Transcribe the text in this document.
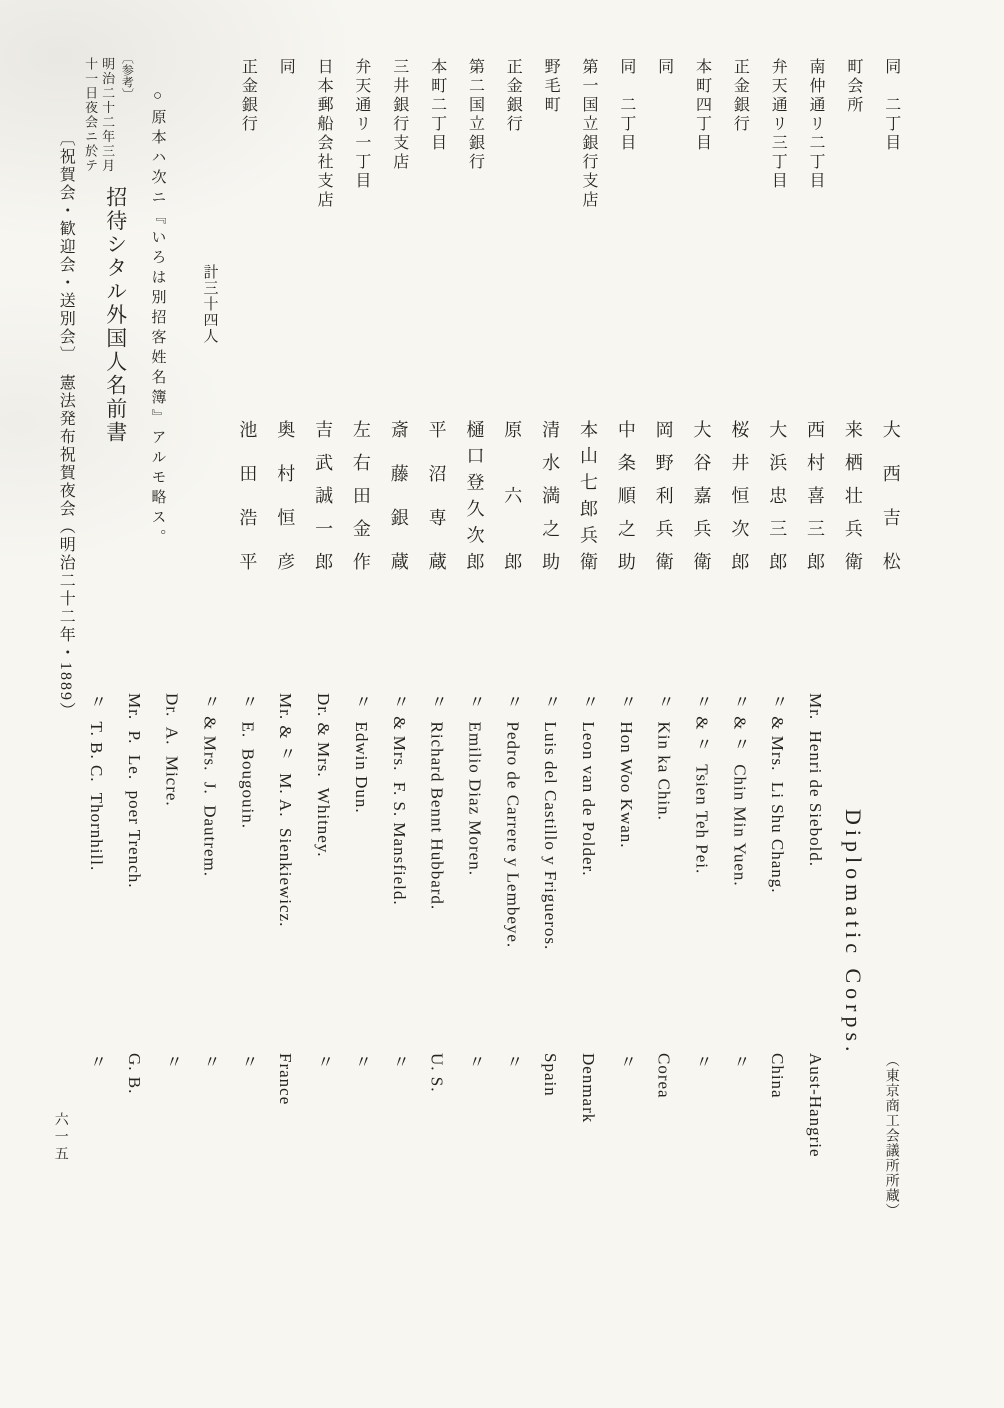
同　二丁目
大西吉松
（東京商工会議所所蔵）
町会所
来栖壮兵衛
Diplomatic Corps.
南仲通リ二丁目
西村喜三郎
Mr.  Henri de Siebold.
Aust-Hangrie
弁天通リ三丁目
大浜忠三郎
〃 & Mrs.  Li Shu Chang.
China
正金銀行
桜井恒次郎
〃 & 〃  Chin Min Yuen.
〃
本町四丁目
大谷嘉兵衛
〃 & 〃  Tsien Teh Pei.
〃
同
岡野利兵衛
〃  Kin ka Chin.
Corea
同　二丁目
中条順之助
〃  Hon Woo Kwan.
〃
第一国立銀行支店
本山七郎兵衛
〃  Leon van de Polder.
Denmark
野毛町
清水満之助
〃  Luis del Castillo y Frigueros.
Spain
正金銀行
原六郎
〃  Pedro de Carrere y Lembeye.
〃
第二国立銀行
樋口登久次郎
〃  Emilio Diaz Moren.
〃
本町二丁目
平沼専蔵
〃  Richard Bennt Hubbard.
U. S.
三井銀行支店
斎藤銀蔵
〃 & Mrs.  F. S. Mansfield.
〃
弁天通リ一丁目
左右田金作
〃  Edwin Dun.
〃
日本郵船会社支店
吉武誠一郎
Dr. & Mrs.  Whitney.
〃
同
奥村恒彦
Mr. & 〃  M. A.  Sienkiewicz.
France
正金銀行
池田浩平
〃  E.  Bougouin.
〃
計三十四人
〃 & Mrs.  J.  Dautrem.
〃
Dr.  A.  Micre.
〃
Mr.  P.  Le.  poer Trench.
G. B.
〃  T. B. C.  Thornhill.
〃
○原本ハ次ニ『いろは別招客姓名簿』アルモ略ス。
〔参考〕
明治二十二年三月
十一日夜会ニ於テ
招待シタル外国人名前書
〔祝賀会・歓迎会・送別会〕　憲法発布祝賀夜会（明治二十二年・1889）
六一五
